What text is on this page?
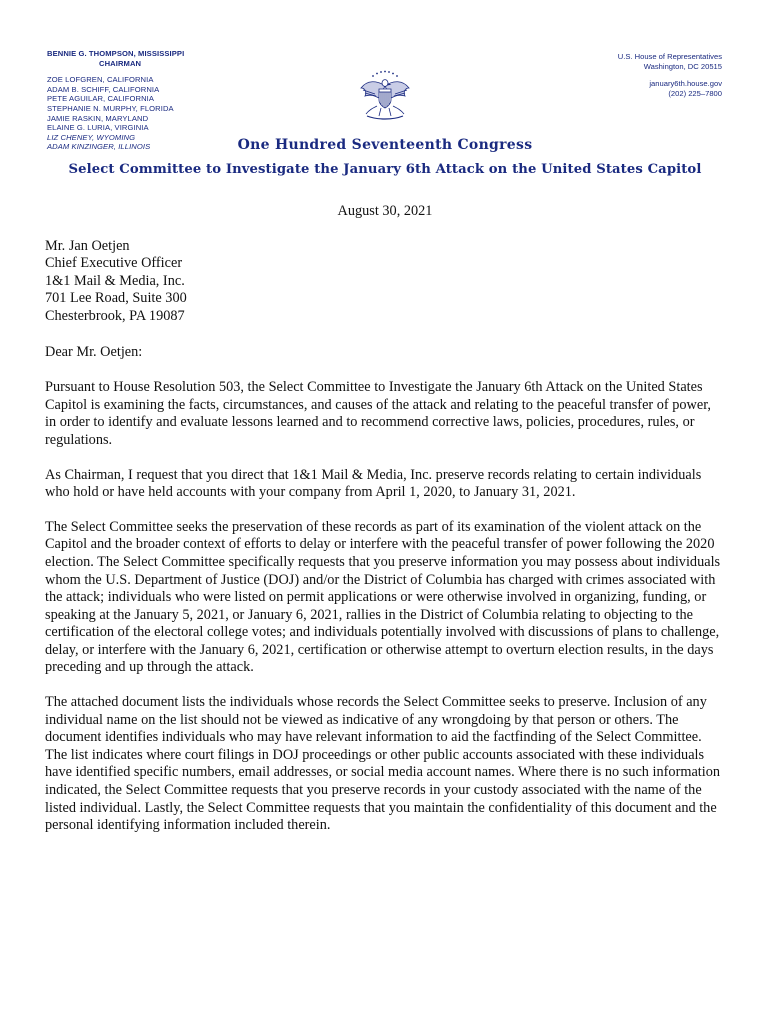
BENNIE G. THOMPSON, MISSISSIPPI
CHAIRMAN
ZOE LOFGREN, CALIFORNIA
ADAM B. SCHIFF, CALIFORNIA
PETE AGUILAR, CALIFORNIA
STEPHANIE N. MURPHY, FLORIDA
JAMIE RASKIN, MARYLAND
ELAINE G. LURIA, VIRGINIA
LIZ CHENEY, WYOMING
ADAM KINZINGER, ILLINOIS
U.S. House of Representatives
Washington, DC 20515
january6th.house.gov
(202) 225–7800
One Hundred Seventeenth Congress
Select Committee to Investigate the January 6th Attack on the United States Capitol
August 30, 2021
Mr. Jan Oetjen
Chief Executive Officer
1&1 Mail & Media, Inc.
701 Lee Road, Suite 300
Chesterbrook, PA 19087
Dear Mr. Oetjen:

Pursuant to House Resolution 503, the Select Committee to Investigate the January 6th Attack on the United States Capitol is examining the facts, circumstances, and causes of the attack and relating to the peaceful transfer of power, in order to identify and evaluate lessons learned and to recommend corrective laws, policies, procedures, rules, or regulations.

As Chairman, I request that you direct that 1&1 Mail & Media, Inc. preserve records relating to certain individuals who hold or have held accounts with your company from April 1, 2020, to January 31, 2021.

The Select Committee seeks the preservation of these records as part of its examination of the violent attack on the Capitol and the broader context of efforts to delay or interfere with the peaceful transfer of power following the 2020 election. The Select Committee specifically requests that you preserve information you may possess about individuals whom the U.S. Department of Justice (DOJ) and/or the District of Columbia has charged with crimes associated with the attack; individuals who were listed on permit applications or were otherwise involved in organizing, funding, or speaking at the January 5, 2021, or January 6, 2021, rallies in the District of Columbia relating to objecting to the certification of the electoral college votes; and individuals potentially involved with discussions of plans to challenge, delay, or interfere with the January 6, 2021, certification or otherwise attempt to overturn election results, in the days preceding and up through the attack.

The attached document lists the individuals whose records the Select Committee seeks to preserve. Inclusion of any individual name on the list should not be viewed as indicative of any wrongdoing by that person or others. The document identifies individuals who may have relevant information to aid the factfinding of the Select Committee. The list indicates where court filings in DOJ proceedings or other public accounts associated with these individuals have identified specific numbers, email addresses, or social media account names. Where there is no such information indicated, the Select Committee requests that you preserve records in your custody associated with the name of the listed individual. Lastly, the Select Committee requests that you maintain the confidentiality of this document and the personal identifying information included therein.
